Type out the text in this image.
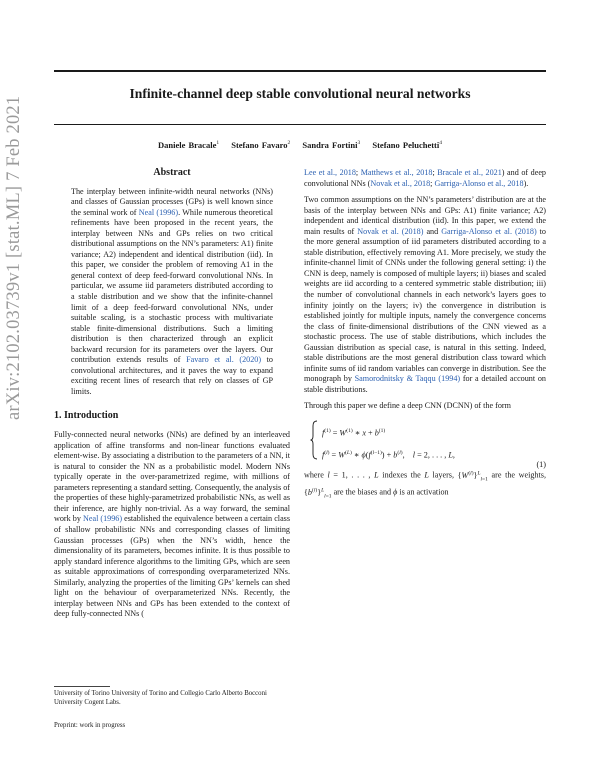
arXiv:2102.03739v1 [stat.ML] 7 Feb 2021
Infinite-channel deep stable convolutional neural networks
Daniele Bracale$^1$ Stefano Favaro$^2$ Sandra Fortini$^3$ Stefano Peluchetti$^4$
Abstract

The interplay between infinite-width neural networks (NNs) and classes of Gaussian processes (GPs) is well known since the seminal work of Neal (1996). While numerous theoretical refinements have been proposed in the recent years, the interplay between NNs and GPs relies on two critical distributional assumptions on the NN’s parameters: A1) finite variance; A2) independent and identical distribution (iid). In this paper, we consider the problem of removing A1 in the general context of deep feed-forward convolutional NNs. In particular, we assume iid parameters distributed according to a stable distribution and we show that the infinite-channel limit of a deep feed-forward convolutional NNs, under suitable scaling, is a stochastic process with multivariate stable finite-dimensional distributions. Such a limiting distribution is then characterized through an explicit backward recursion for its parameters over the layers. Our contribution extends results of Favaro et al. (2020) to convolutional architectures, and it paves the way to expand exciting recent lines of research that rely on classes of GP limits.

1. Introduction

Fully-connected neural networks (NNs) are defined by an interleaved application of affine transforms and non-linear functions evaluated element-wise. By associating a distribution to the parameters of a NN, it is natural to consider the NN as a probabilistic model. Modern NNs typically operate in the over-parametrized regime, with millions of parameters representing a standard setting. Consequently, the analysis of the properties of these highly-parametrized probabilistic NNs, as well as their inference, are highly non-trivial. As a way forward, the seminal work by Neal (1996) established the equivalence between a certain class of shallow probabilistic NNs and corresponding classes of limiting Gaussian processes (GPs) when the NN’s width, hence the dimensionality of its parameters, becomes infinite. It is thus possible to apply standard inference algorithms to the limiting GPs, which are seen as suitable approximations of corresponding overparameterized NNs. Similarly, analyzing the properties of the limiting GPs’ kernels can shed light on the behaviour of overparameterized NNs. Recently, the interplay between NNs and GPs has been extended to the context of deep fully-connected NNs (

Lee et al., 2018; Matthews et al., 2018; Bracale et al., 2021) and of deep convolutional NNs (Novak et al., 2018; Garriga-Alonso et al., 2018).

Two common assumptions on the NN’s parameters’ distribution are at the basis of the interplay between NNs and GPs: A1) finite variance; A2) independent and identical distribution (iid). In this paper, we extend the main results of Novak et al. (2018) and Garriga-Alonso et al. (2018) to the more general assumption of iid parameters distributed according to a stable distribution, effectively removing A1. More precisely, we study the infinite-channel limit of CNNs under the following general setting: i) the CNN is deep, namely is composed of multiple layers; ii) biases and scaled weights are iid according to a centered symmetric stable distribution; iii) the number of convolutional channels in each network’s layers goes to infinity jointly on the layers; iv) the convergence in distribution is established jointly for multiple inputs, namely the convergence concerns the class of finite-dimensional distributions of the CNN viewed as a stochastic process. The use of stable distributions, which includes the Gaussian distribution as special case, is natural in this setting. Indeed, stable distributions are the most general distribution class toward which infinite sums of iid random variables can converge in distribution. See the monograph by Samorodnitsky & Taqqu (1994) for a detailed account on stable distributions.

Through this paper we define a deep CNN (DCNN) of the form

$f^{(1)} = W^{(1)}$ ∗ $x + b^{(1)}$
$f^{(l)} = W^{(L)}$ ∗ $\phi(f^{(l-1)}) + b^{(l)}$,    l = 2, . . . , L,
(1)

where l = 1, . . . , L indexes the L layers, $\{W^{(l)}\}^L_{l=1}$ are the weights, $\{b^{(l)}\}^L_{l=1}$ are the biases and ϕ is an activation

University of Torino University of Torino and Collegio Carlo Alberto Bocconi University Cogent Labs.
Preprint: work in progress
